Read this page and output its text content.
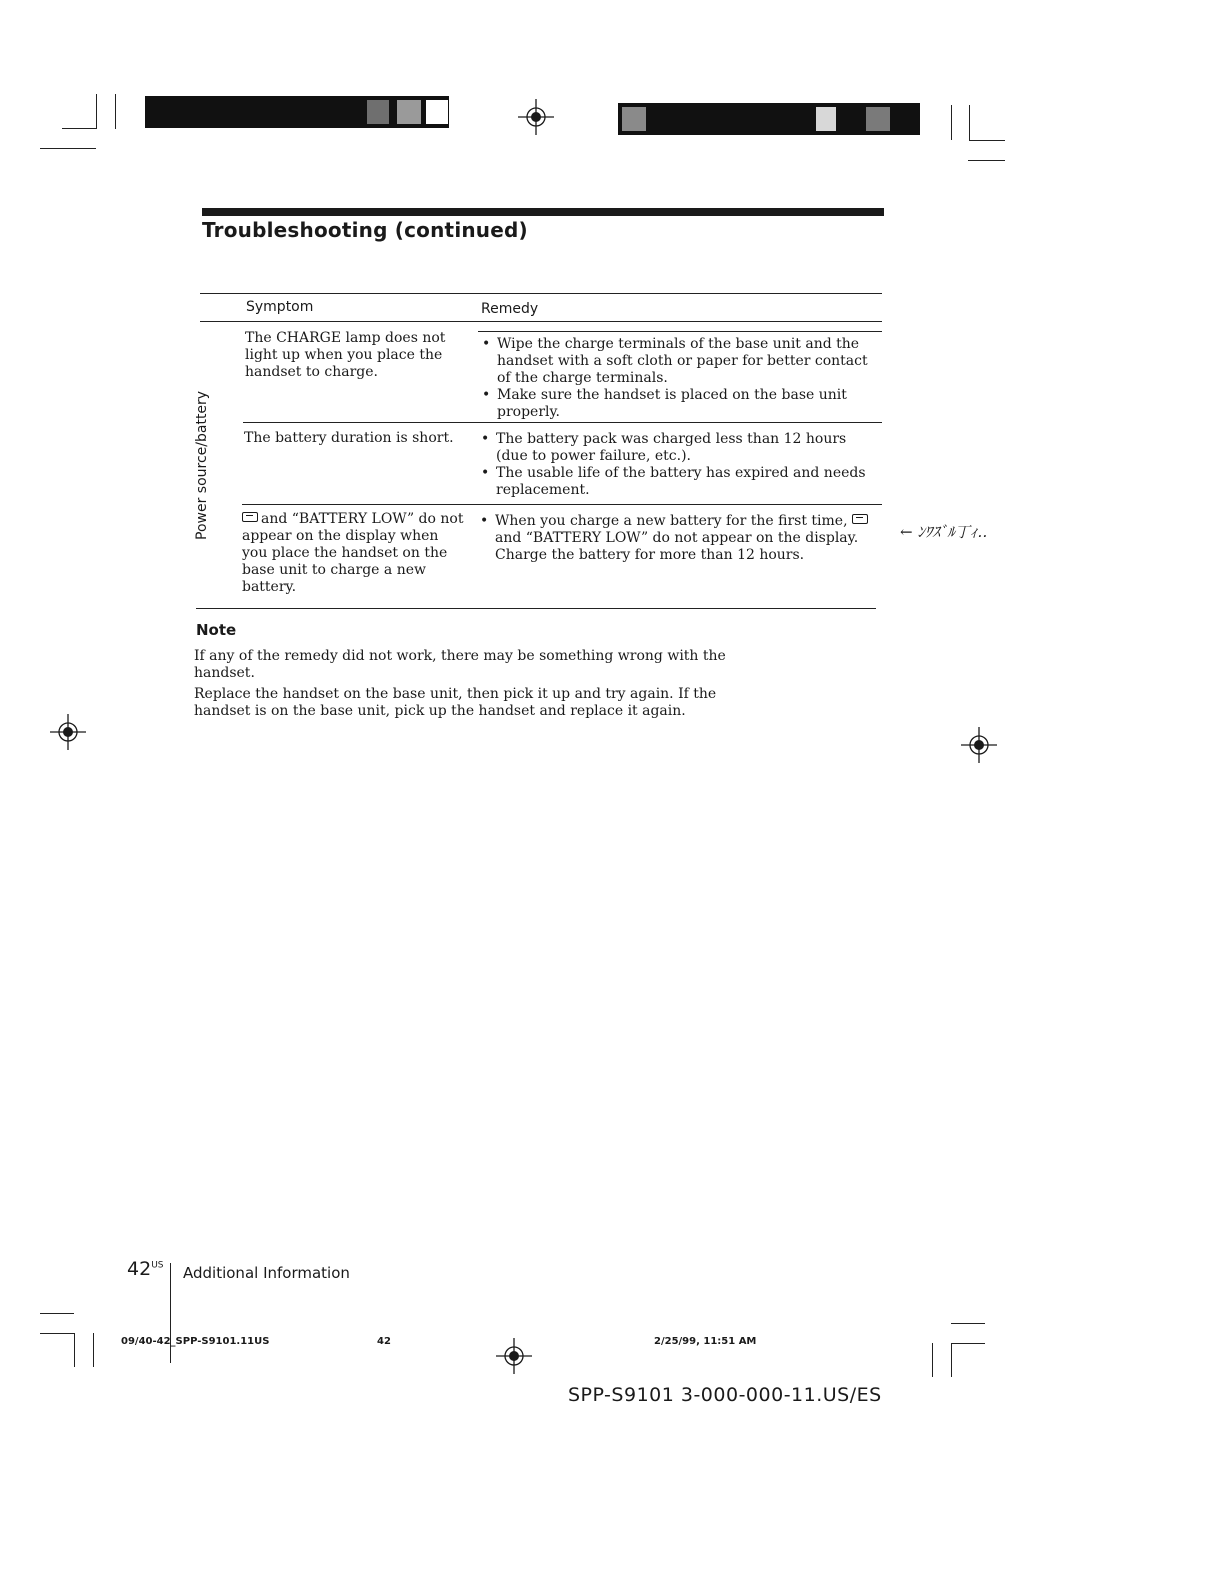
Troubleshooting (continued)
Symptom	Remedy
Power source/battery
The CHARGE lamp does not light up when you place the handset to charge.
• Wipe the charge terminals of the base unit and the handset with a soft cloth or paper for better contact of the charge terminals.
• Make sure the handset is placed on the base unit properly.
The battery duration is short.
•	The battery pack was charged less than 12 hours (due to power failure, etc.).
• The usable life of the battery has expired and needs replacement.
and “BATTERY LOW” do not appear on the display when you place the handset on the base unit to charge a new battery.
• When you charge a new battery for the first time, and “BATTERY LOW” do not appear on the display. Charge the battery for more than 12 hours.
← ﾝﾜｽﾞﾙ丁ｨ‥
Note
If any of the remedy did not work, there may be something wrong with the handset.
Replace the handset on the base unit, then pick it up and try again. If the handset is on the base unit, pick up the handset and replace it again.
$42^{US}$ Additional Information
09/40-42_SPP-S9101.11US	42	2/25/99, 11:51 AM
SPP-S9101 3-000-000-11.US/ES
